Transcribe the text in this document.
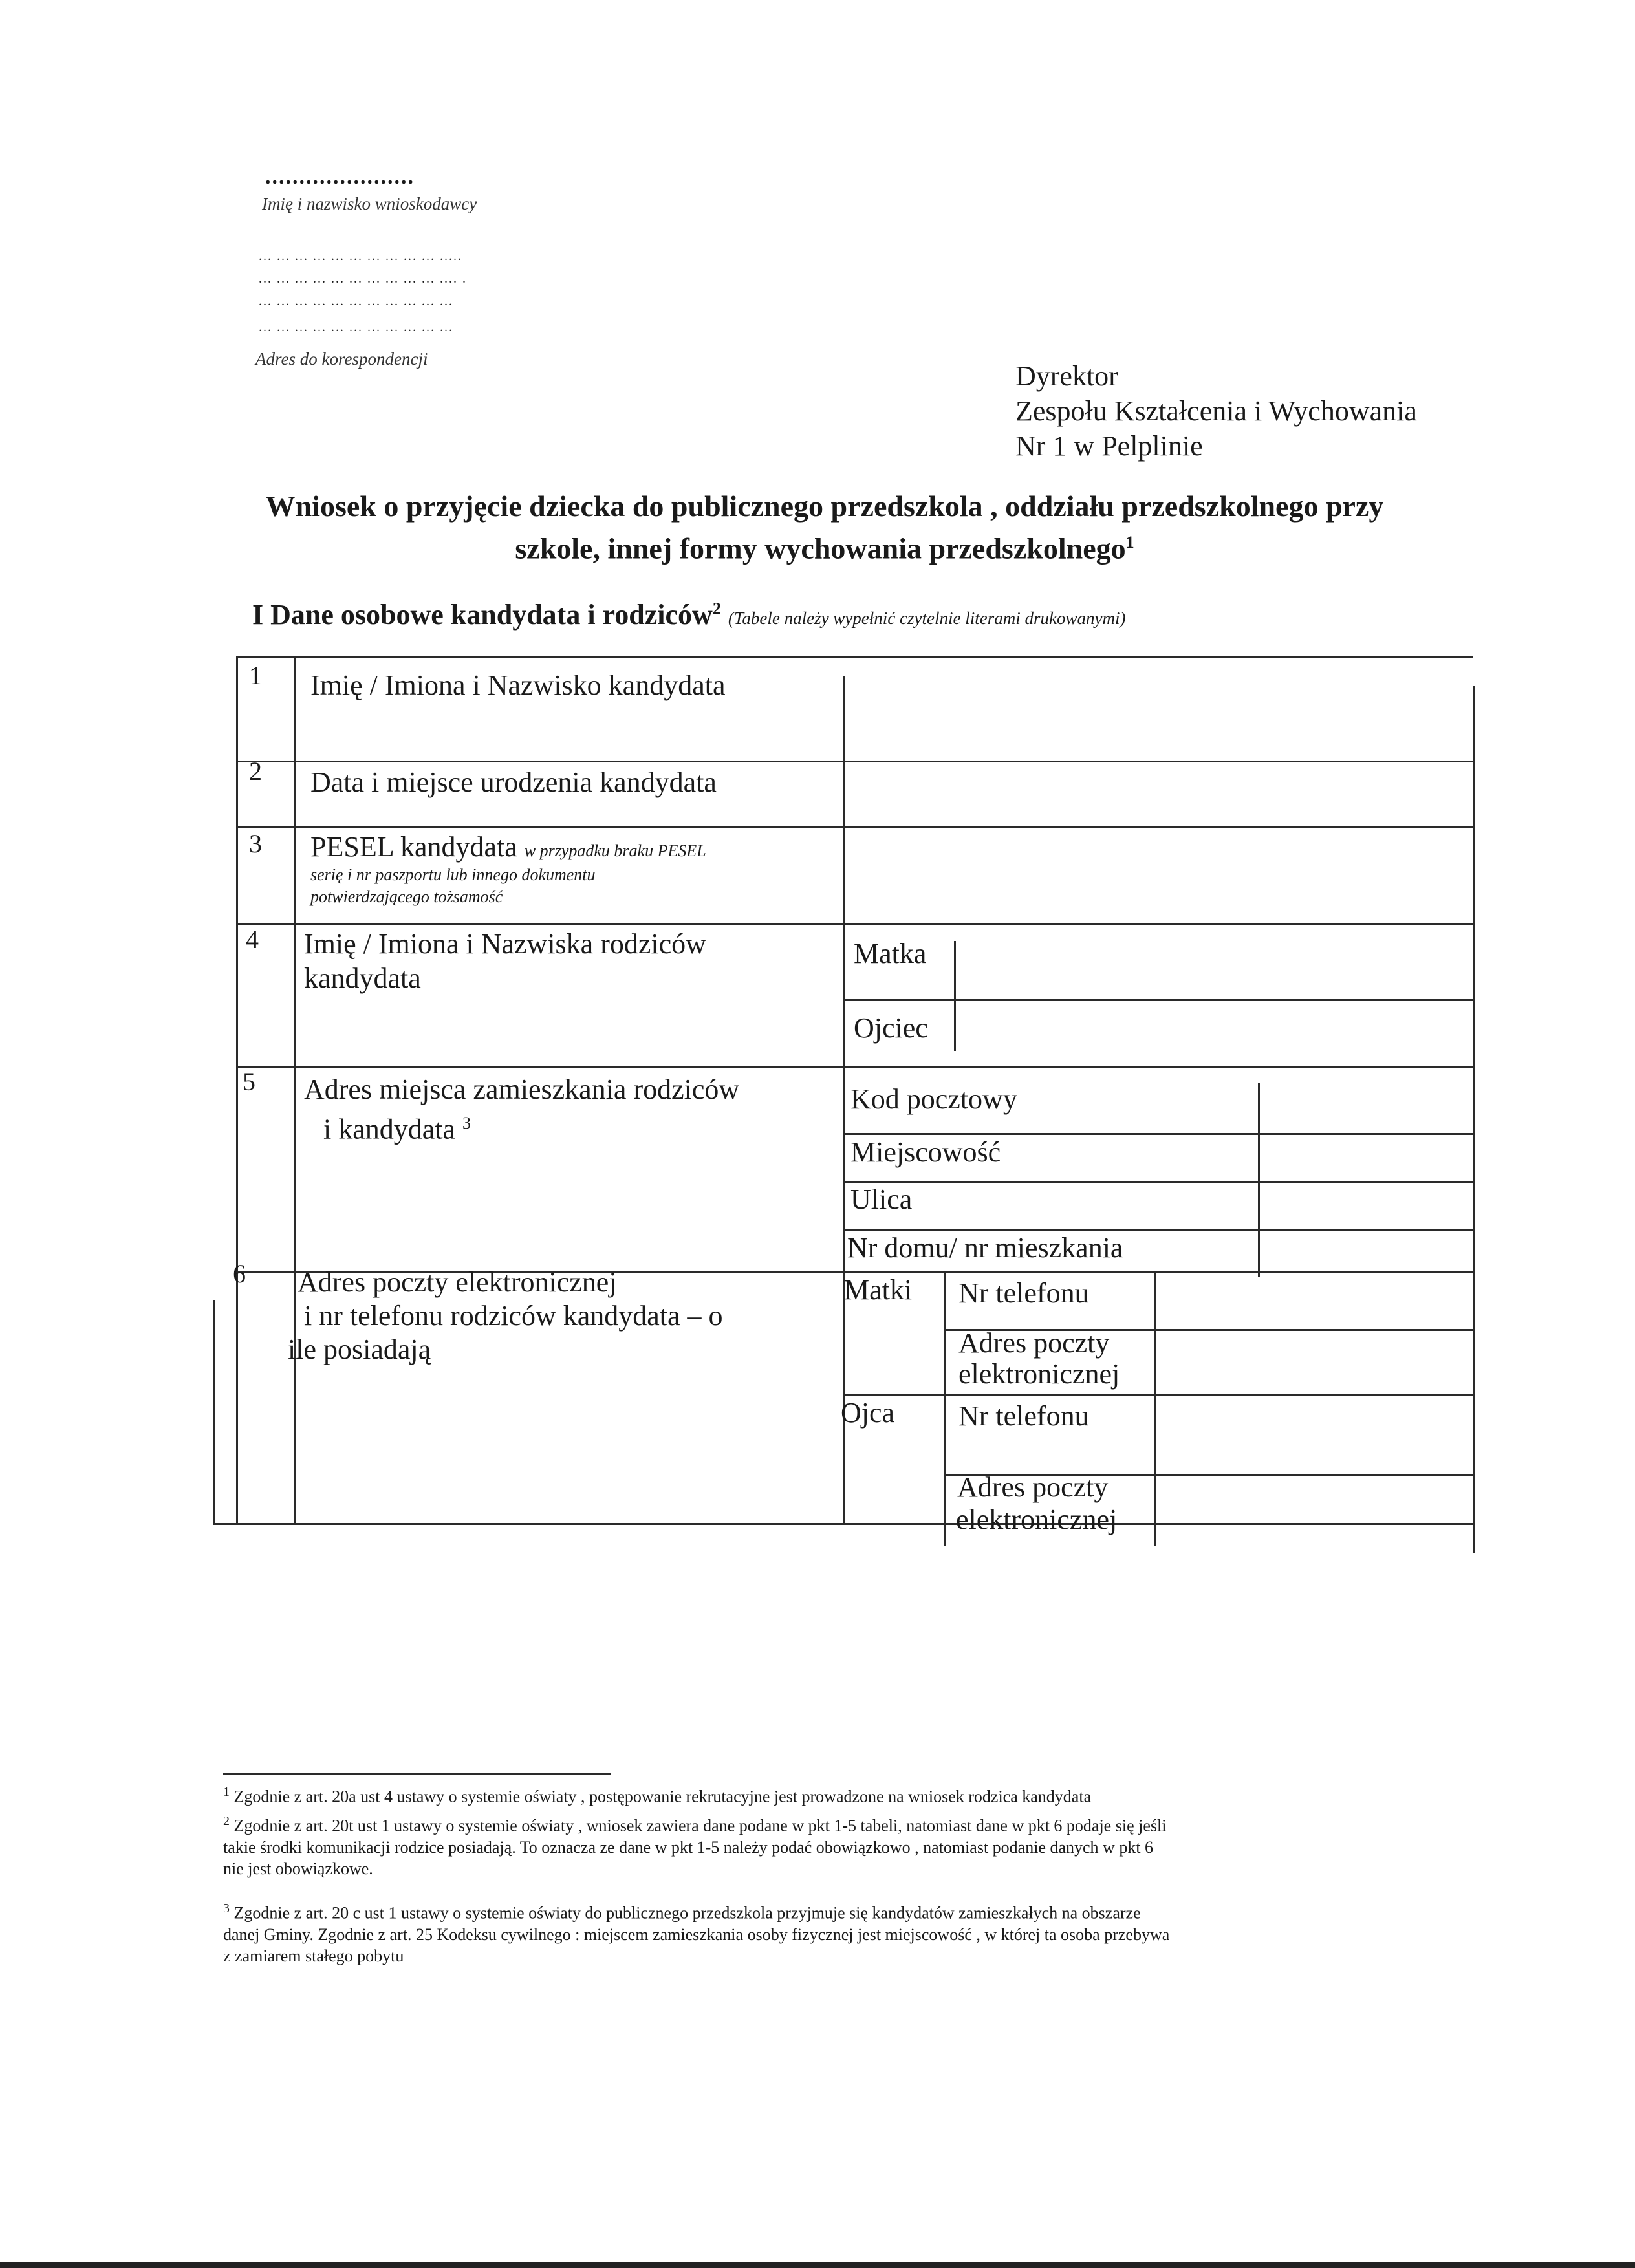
......................
Imię i nazwisko wnioskodawcy
... ... ... ... ... ... ... ... ... ... .....
... ... ... ... ... ... ... ... ... ... .... .
... ... ... ... ... ... ... ... ... ... ...
... ... ... ... ... ... ... ... ... ... ...
Adres do korespondencji
Dyrektor
Zespołu Kształcenia i Wychowania
Nr 1 w Pelplinie
Wniosek o przyjęcie dziecka do publicznego przedszkola , oddziału przedszkolnego przy
szkole, innej formy wychowania przedszkolnego$^1$
I Dane osobowe kandydata i rodziców$^2$ (Tabele należy wypełnić czytelnie literami drukowanymi)
1
2
3
4
5
6
Imię / Imiona i Nazwisko kandydata
Data i miejsce urodzenia kandydata
PESEL kandydata w przypadku braku PESEL
serię i nr paszportu lub innego dokumentu
potwierdzającego tożsamość
Imię / Imiona i Nazwiska rodziców
kandydata
Matka
Ojciec
Adres miejsca zamieszkania rodziców
i kandydata $^3$
Kod pocztowy
Miejscowość
Ulica
Nr domu/ nr mieszkania
Adres poczty elektronicznej
i nr telefonu rodziców kandydata – o
ile posiadają
Matki
Ojca
Nr telefonu
Adres poczty
elektronicznej
Nr telefonu
Adres poczty
elektronicznej
$^1$ Zgodnie z art. 20a ust 4 ustawy o systemie oświaty , postępowanie rekrutacyjne jest prowadzone na wniosek rodzica kandydata
$^2$ Zgodnie z art. 20t ust 1 ustawy o systemie oświaty , wniosek zawiera dane podane w pkt 1-5 tabeli, natomiast dane w pkt 6 podaje się jeśli
takie środki komunikacji rodzice posiadają. To oznacza ze dane w pkt 1-5 należy podać obowiązkowo , natomiast podanie danych w pkt 6
nie jest obowiązkowe.
$^3$ Zgodnie z art. 20 c ust 1 ustawy o systemie oświaty do publicznego przedszkola przyjmuje się kandydatów zamieszkałych na obszarze
danej Gminy. Zgodnie z art. 25 Kodeksu cywilnego : miejscem zamieszkania osoby fizycznej jest miejscowość , w której ta osoba przebywa
z zamiarem stałego pobytu
